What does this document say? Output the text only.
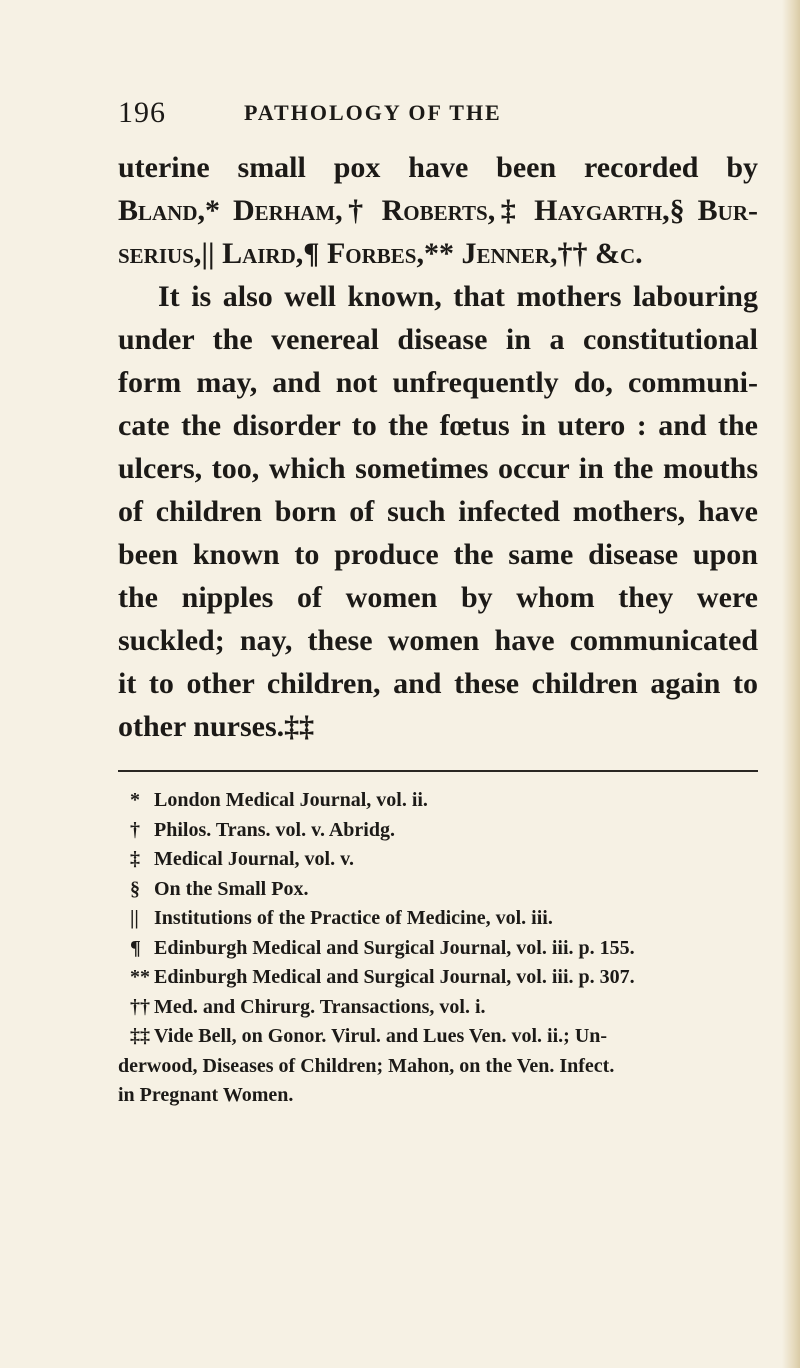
196	PATHOLOGY OF THE
uterine small pox have been recorded by
Bland,* Derham,† Roberts,‡ Haygarth,§ Bur-
serius,|| Laird,¶ Forbes,** Jenner,†† &c.
It is also well known, that mothers labouring
under the venereal disease in a constitutional
form may, and not unfrequently do, communi-
cate the disorder to the fœtus in utero : and the
ulcers, too, which sometimes occur in the mouths
of children born of such infected mothers, have
been known to produce the same disease upon
the nipples of women by whom they were
suckled; nay, these women have communicated
it to other children, and these children again to
other nurses.‡‡
* London Medical Journal, vol. ii.
† Philos. Trans. vol. v. Abridg.
‡ Medical Journal, vol. v.
§ On the Small Pox.
|| Institutions of the Practice of Medicine, vol. iii.
¶ Edinburgh Medical and Surgical Journal, vol. iii. p. 155.
** Edinburgh Medical and Surgical Journal, vol. iii. p. 307.
†† Med. and Chirurg. Transactions, vol. i.
‡‡ Vide Bell, on Gonor. Virul. and Lues Ven. vol. ii.; Un-
derwood, Diseases of Children; Mahon, on the Ven. Infect.
in Pregnant Women.
